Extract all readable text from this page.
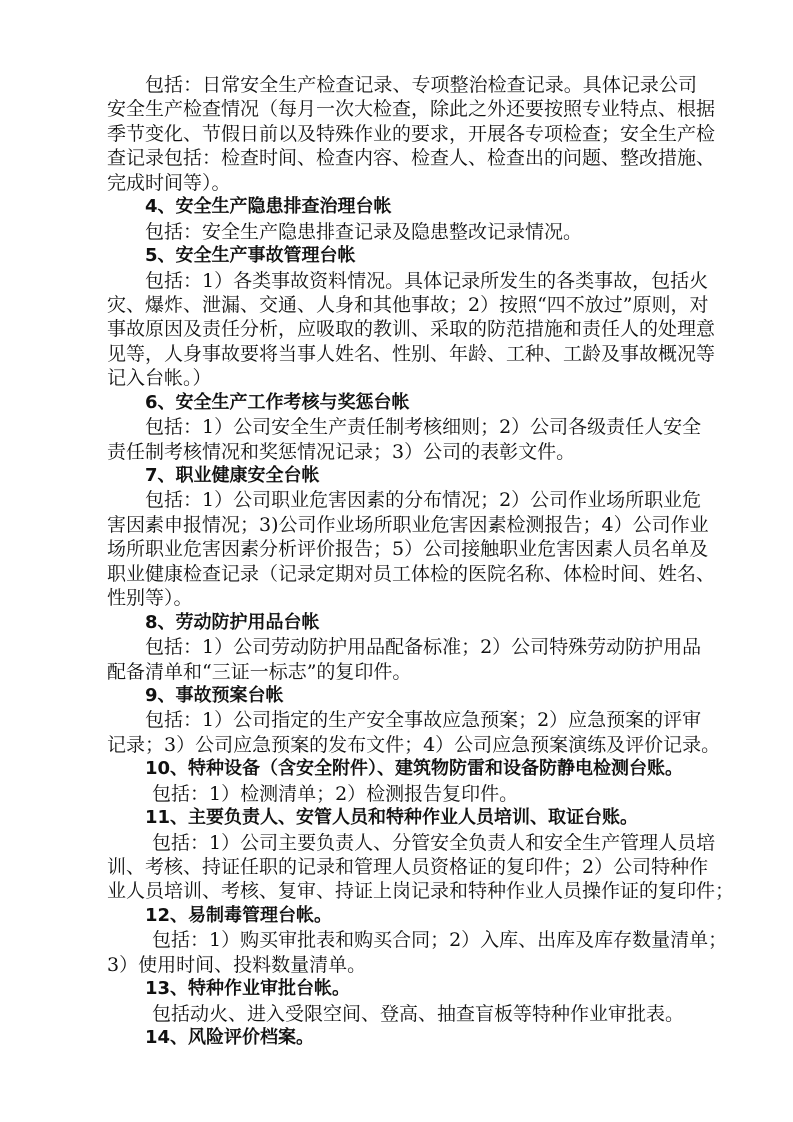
包括：日常安全生产检查记录、专项整治检查记录。具体记录公司
安全生产检查情况（每月一次大检查，除此之外还要按照专业特点、根据
季节变化、节假日前以及特殊作业的要求，开展各专项检查；安全生产检
查记录包括：检查时间、检查内容、检查人、检查出的问题、整改措施、
完成时间等）。
4、安全生产隐患排查治理台帐
包括：安全生产隐患排查记录及隐患整改记录情况。
5、安全生产事故管理台帐
包括：1）各类事故资料情况。具体记录所发生的各类事故，包括火
灾、爆炸、泄漏、交通、人身和其他事故；2）按照“四不放过”原则，对
事故原因及责任分析，应吸取的教训、采取的防范措施和责任人的处理意
见等，人身事故要将当事人姓名、性别、年龄、工种、工龄及事故概况等
记入台帐。）
6、安全生产工作考核与奖惩台帐
包括：1）公司安全生产责任制考核细则；2）公司各级责任人安全
责任制考核情况和奖惩情况记录；3）公司的表彰文件。
7、职业健康安全台帐
包括：1）公司职业危害因素的分布情况；2）公司作业场所职业危
害因素申报情况；3)公司作业场所职业危害因素检测报告；4）公司作业
场所职业危害因素分析评价报告；5）公司接触职业危害因素人员名单及
职业健康检查记录（记录定期对员工体检的医院名称、体检时间、姓名、
性别等）。
8、劳动防护用品台帐
包括：1）公司劳动防护用品配备标准；2）公司特殊劳动防护用品
配备清单和“三证一标志”的复印件。
9、事故预案台帐
包括：1）公司指定的生产安全事故应急预案；2）应急预案的评审
记录；3）公司应急预案的发布文件；4）公司应急预案演练及评价记录。
10、特种设备（含安全附件）、建筑物防雷和设备防静电检测台账。
包括：1）检测清单；2）检测报告复印件。
11、主要负责人、安管人员和特种作业人员培训、取证台账。
包括：1）公司主要负责人、分管安全负责人和安全生产管理人员培
训、考核、持证任职的记录和管理人员资格证的复印件；2）公司特种作
业人员培训、考核、复审、持证上岗记录和特种作业人员操作证的复印件；
12、易制毒管理台帐。
包括：1）购买审批表和购买合同；2）入库、出库及库存数量清单；
3）使用时间、投料数量清单。
13、特种作业审批台帐。
包括动火、进入受限空间、登高、抽查盲板等特种作业审批表。
14、风险评价档案。
